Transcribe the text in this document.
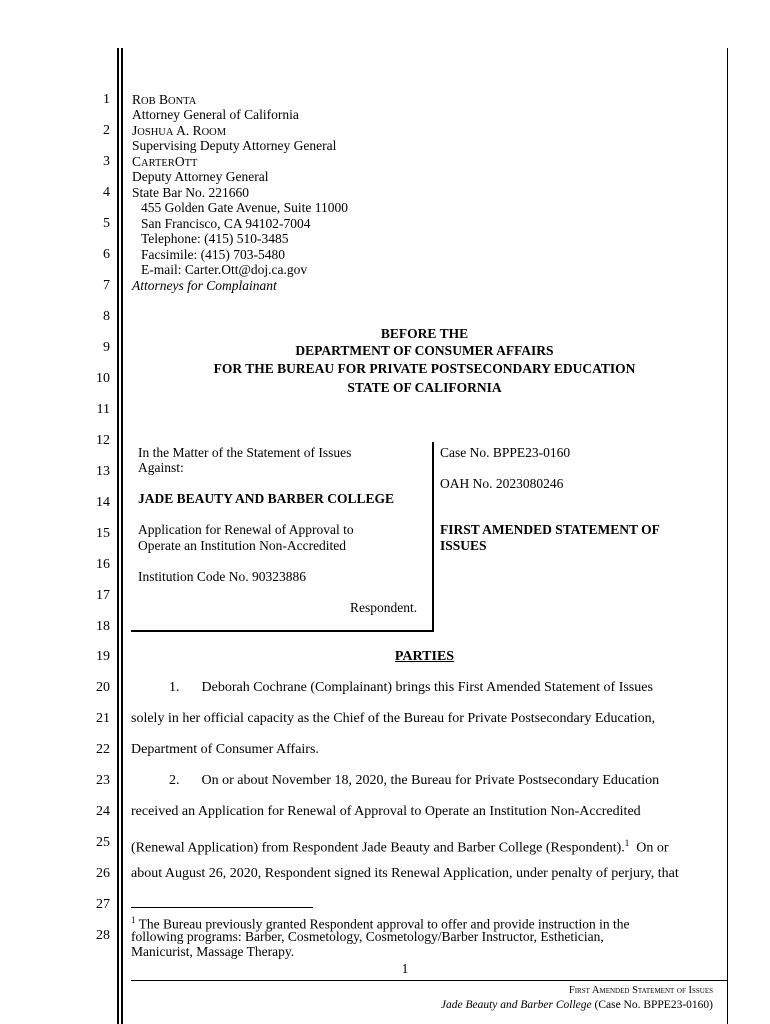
1
2
3
4
5
6
7
8
9
10
11
12
13
14
15
16
17
18
19
20
21
22
23
24
25
26
27
28
ROB BONTA
Attorney General of California
JOSHUA A. ROOM
Supervising Deputy Attorney General
CARTEROTT
Deputy Attorney General
State Bar No. 221660
455 Golden Gate Avenue, Suite 11000
San Francisco, CA 94102-7004
Telephone: (415) 510-3485
Facsimile: (415) 703-5480
E-mail: Carter.Ott@doj.ca.gov
Attorneys for Complainant
BEFORE THE
DEPARTMENT OF CONSUMER AFFAIRS
FOR THE BUREAU FOR PRIVATE POSTSECONDARY EDUCATION
STATE OF CALIFORNIA
In the Matter of the Statement of Issues
Against:
JADE BEAUTY AND BARBER COLLEGE
Application for Renewal of Approval to
Operate an Institution Non-Accredited
Institution Code No. 90323886
Respondent.
Case No. BPPE23-0160
OAH No. 2023080246
FIRST AMENDED STATEMENT OF
ISSUES
PARTIES
1. Deborah Cochrane (Complainant) brings this First Amended Statement of Issues
solely in her official capacity as the Chief of the Bureau for Private Postsecondary Education,
Department of Consumer Affairs.
2. On or about November 18, 2020, the Bureau for Private Postsecondary Education
received an Application for Renewal of Approval to Operate an Institution Non-Accredited
(Renewal Application) from Respondent Jade Beauty and Barber College (Respondent).$^1$ On or
about August 26, 2020, Respondent signed its Renewal Application, under penalty of perjury, that
$^1$ The Bureau previously granted Respondent approval to offer and provide instruction in the
following programs: Barber, Cosmetology, Cosmetology/Barber Instructor, Esthetician,
Manicurist, Massage Therapy.
1
First Amended Statement of Issues
Jade Beauty and Barber College (Case No. BPPE23-0160)
